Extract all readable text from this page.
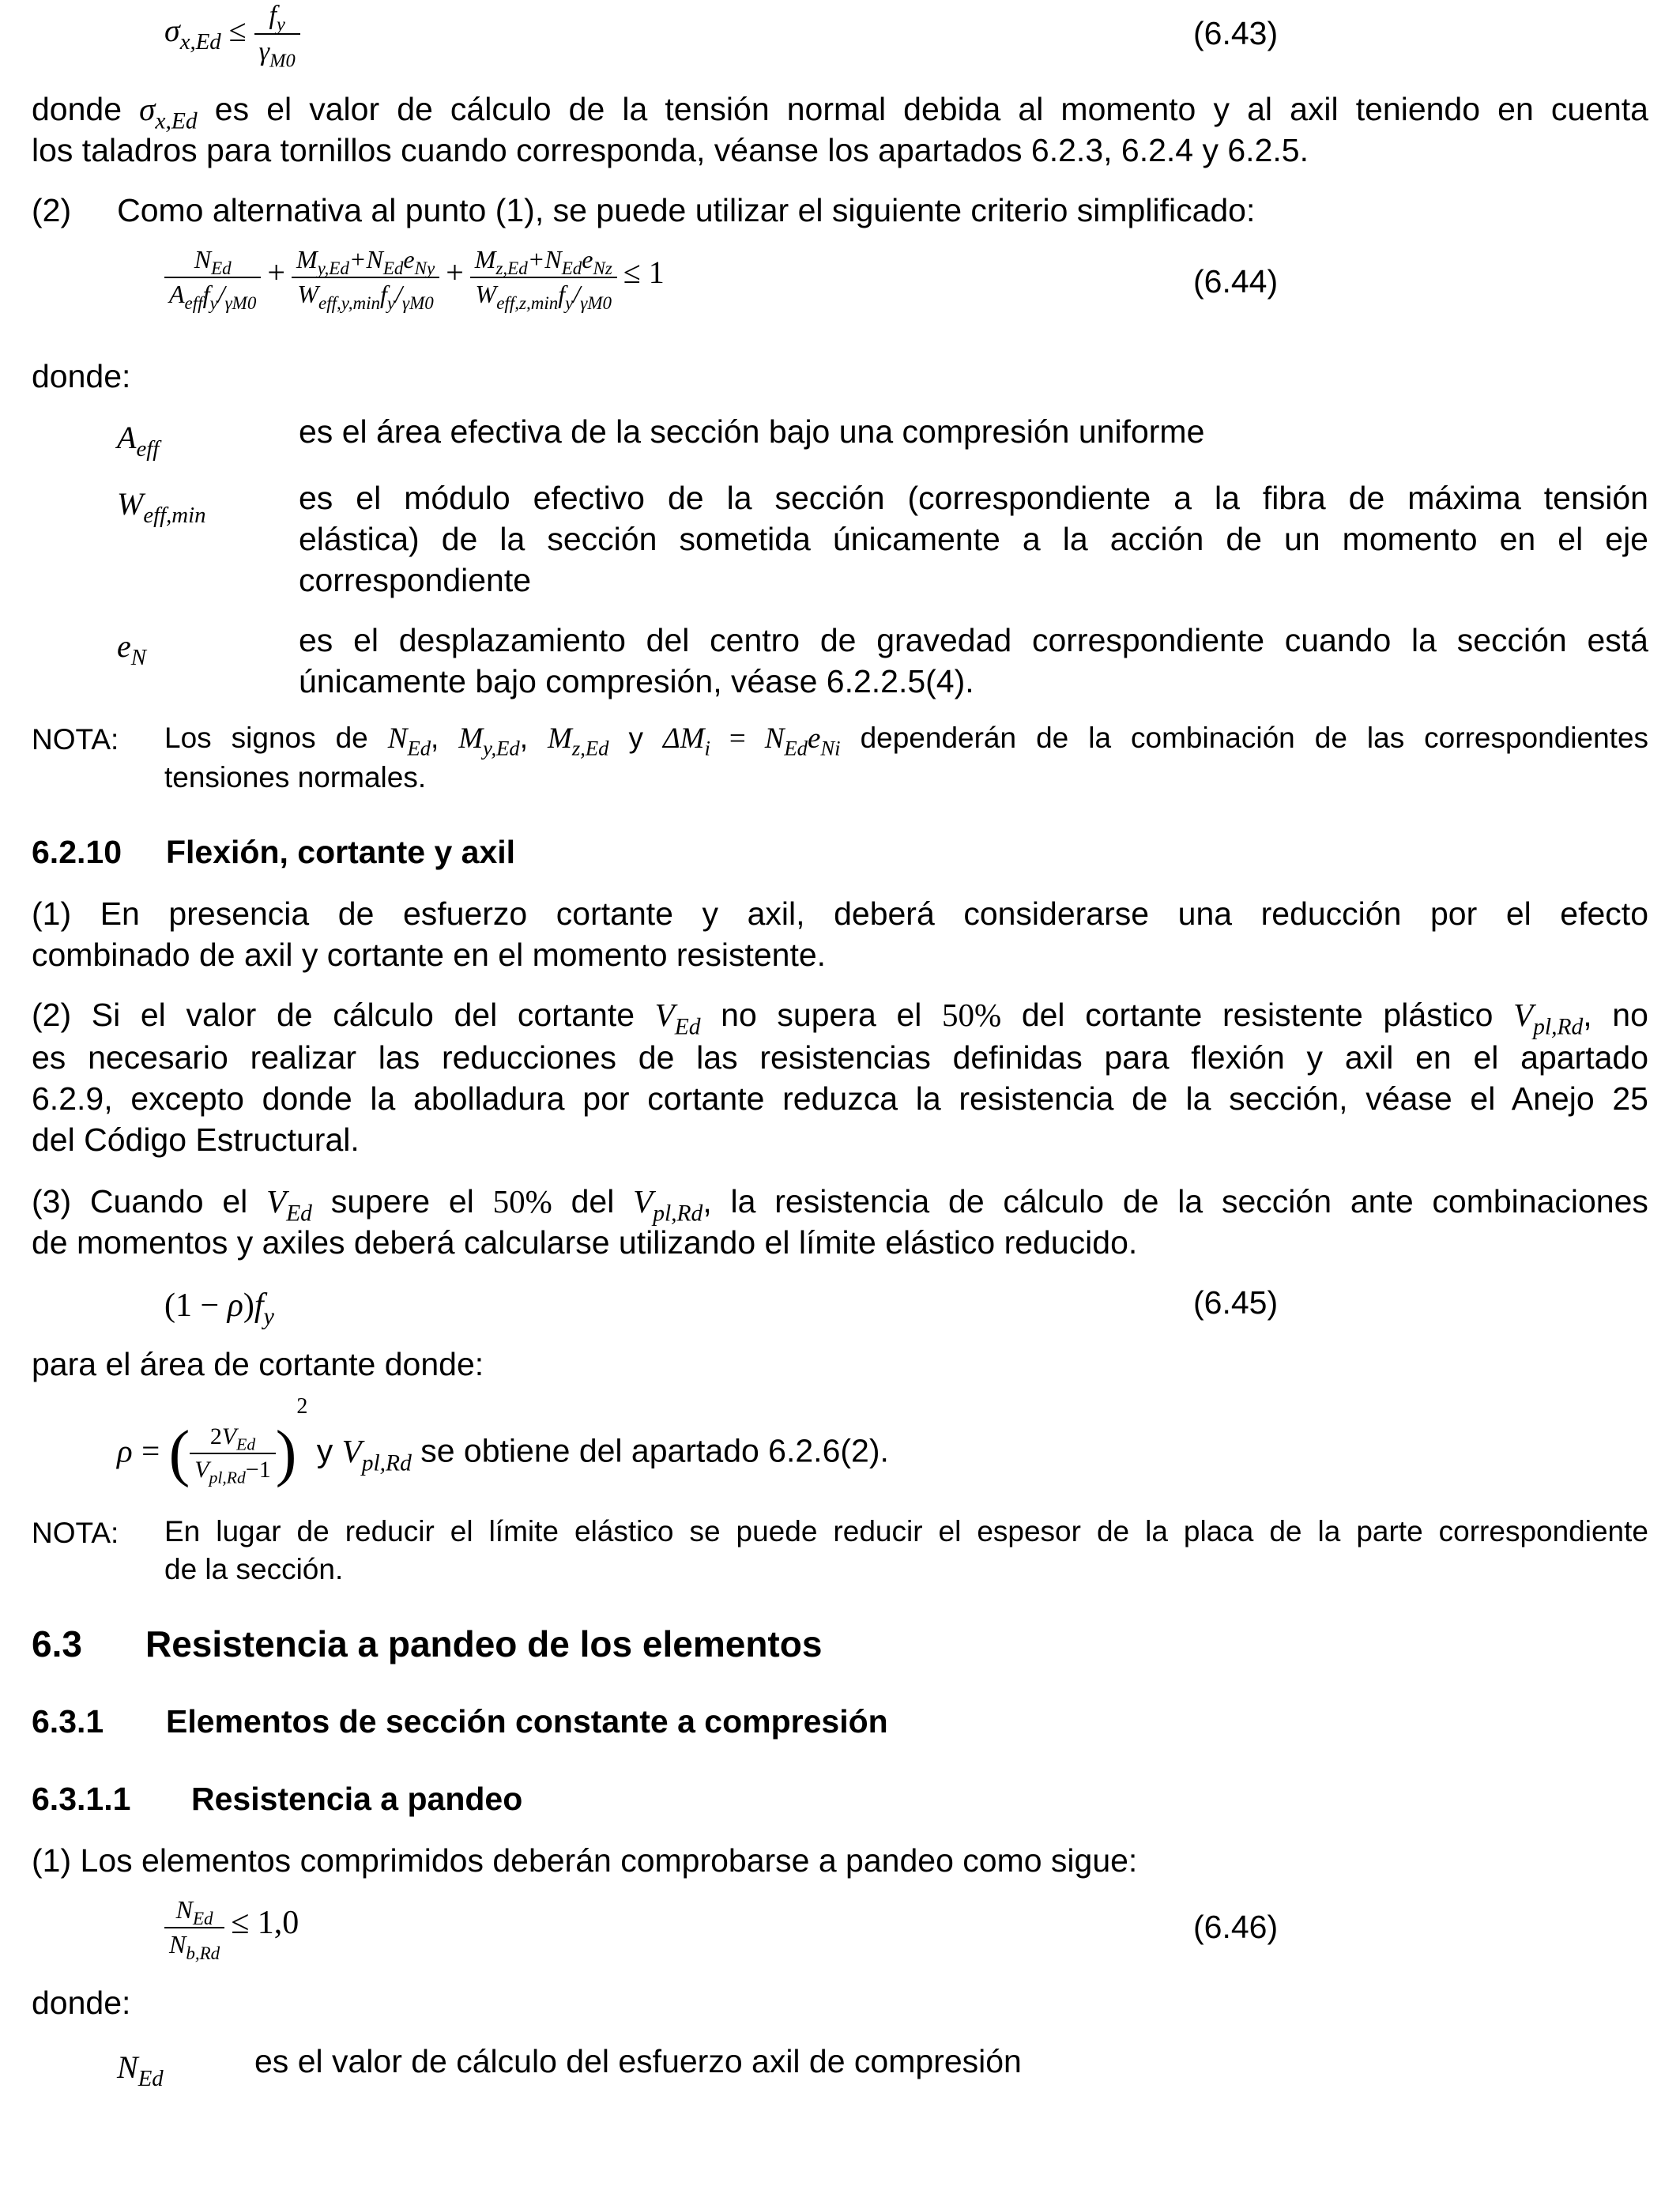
$\sigma_{x,Ed} \le \frac{f_y}{\gamma_{M0}}$	(6.43)
donde $\sigma_{x,Ed}$ es el valor de cálculo de la tensión normal debida al momento y al axil teniendo en cuenta
los taladros para tornillos cuando corresponda, véanse los apartados 6.2.3, 6.2.4 y 6.2.5.
(2) Como alternativa al punto (1), se puede utilizar el siguiente criterio simplificado:
$\frac{N_{Ed}}{A_{eff}f_y/_{\gamma M0}} + \frac{M_{y,Ed}+N_{Ed}e_{Ny}}{W_{eff,y,min}f_y/_{\gamma M0}} + \frac{M_{z,Ed}+N_{Ed}e_{Nz}}{W_{eff,z,min}f_y/_{\gamma M0}} \le 1$	(6.44)
donde:
$A_{eff}$	es el área efectiva de la sección bajo una compresión uniforme
$W_{eff,min}$	es el módulo efectivo de la sección (correspondiente a la fibra de máxima tensión
elástica) de la sección sometida únicamente a la acción de un momento en el eje
correspondiente
$e_N$	es el desplazamiento del centro de gravedad correspondiente cuando la sección está
únicamente bajo compresión, véase 6.2.2.5(4).
NOTA: Los signos de $N_{Ed}$, $M_{y,Ed}$, $M_{z,Ed}$ y $\Delta M_i = N_{Ed}e_{Ni}$ dependerán de la combinación de las correspondientes
tensiones normales.
6.2.10 Flexión, cortante y axil
(1) En presencia de esfuerzo cortante y axil, deberá considerarse una reducción por el efecto
combinado de axil y cortante en el momento resistente.
(2) Si el valor de cálculo del cortante $V_{Ed}$ no supera el 50% del cortante resistente plástico $V_{pl,Rd}$, no
es necesario realizar las reducciones de las resistencias definidas para flexión y axil en el apartado
6.2.9, excepto donde la abolladura por cortante reduzca la resistencia de la sección, véase el Anejo 25
del Código Estructural.
(3) Cuando el $V_{Ed}$ supere el 50% del $V_{pl,Rd}$, la resistencia de cálculo de la sección ante combinaciones
de momentos y axiles deberá calcularse utilizando el límite elástico reducido.
$(1 - \rho)f_y$	(6.45)
para el área de cortante donde:
ρ = ( $\frac{2V_{Ed}}{V_{pl,Rd}-1} )^2$ y $V_{pl,Rd}$ se obtiene del apartado 6.2.6(2).
NOTA: En lugar de reducir el límite elástico se puede reducir el espesor de la placa de la parte correspondiente
de la sección.
6.3 Resistencia a pandeo de los elementos
6.3.1 Elementos de sección constante a compresión
6.3.1.1 Resistencia a pandeo
(1) Los elementos comprimidos deberán comprobarse a pandeo como sigue:
$\frac{N_{Ed}}{N_{b,Rd}} \le 1,0$	(6.46)
donde:
$N_{Ed}$	es el valor de cálculo del esfuerzo axil de compresión
